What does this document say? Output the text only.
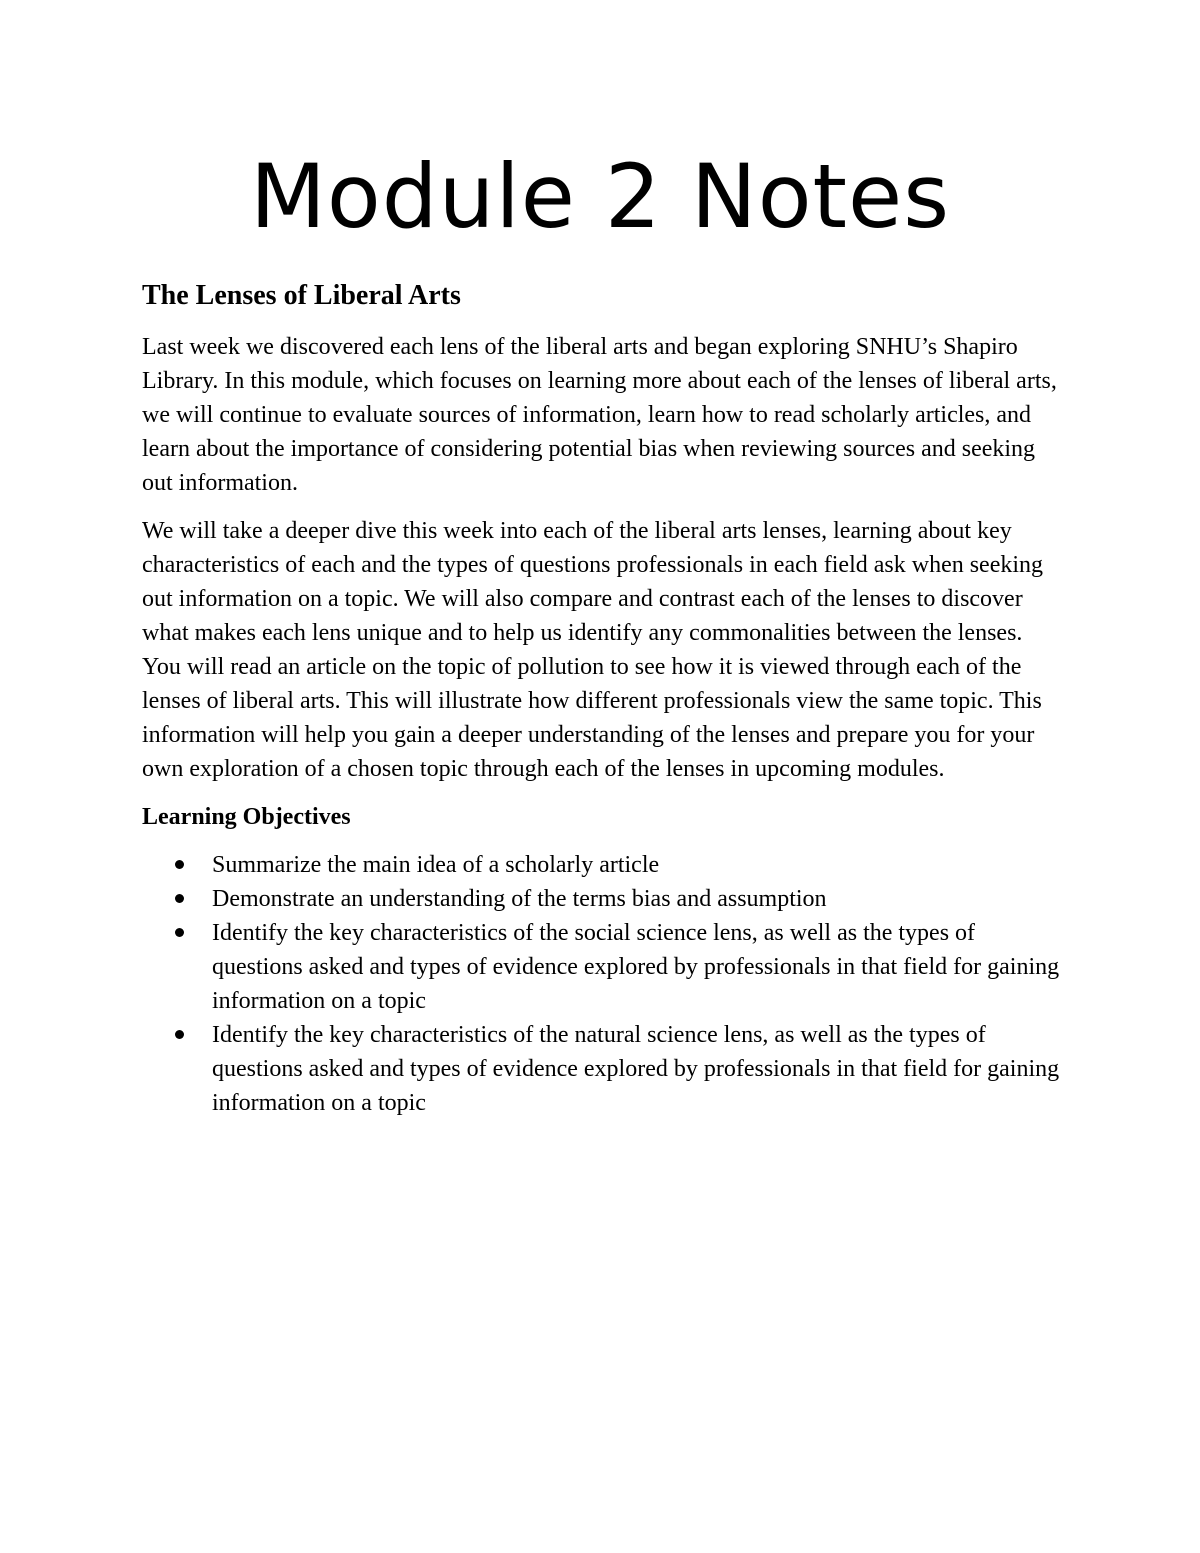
Module 2 Notes
The Lenses of Liberal Arts

Last week we discovered each lens of the liberal arts and began exploring SNHU’s Shapiro Library. In this module, which focuses on learning more about each of the lenses of liberal arts, we will continue to evaluate sources of information, learn how to read scholarly articles, and learn about the importance of considering potential bias when reviewing sources and seeking out information.

We will take a deeper dive this week into each of the liberal arts lenses, learning about key characteristics of each and the types of questions professionals in each field ask when seeking out information on a topic. We will also compare and contrast each of the lenses to discover what makes each lens unique and to help us identify any commonalities between the lenses. You will read an article on the topic of pollution to see how it is viewed through each of the lenses of liberal arts. This will illustrate how different professionals view the same topic. This information will help you gain a deeper understanding of the lenses and prepare you for your own exploration of a chosen topic through each of the lenses in upcoming modules.

Learning Objectives

Summarize the main idea of a scholarly article
Demonstrate an understanding of the terms bias and assumption
Identify the key characteristics of the social science lens, as well as the types of questions asked and types of evidence explored by professionals in that field for gaining information on a topic
Identify the key characteristics of the natural science lens, as well as the types of questions asked and types of evidence explored by professionals in that field for gaining information on a topic
